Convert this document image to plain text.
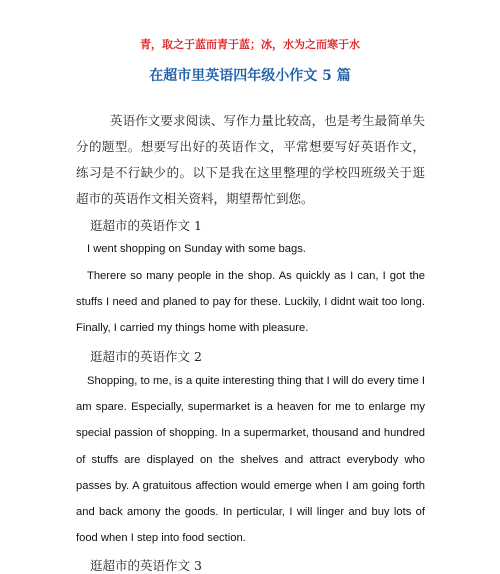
青，取之于蓝而青于蓝；冰，水为之而寒于水
在超市里英语四年级小作文 5 篇
英语作文要求阅读、写作力量比较高，也是考生最简单失分的题型。想要写出好的英语作文，平常想要写好英语作文，练习是不行缺少的。以下是我在这里整理的学校四班级关于逛超市的英语作文相关资料，期望帮忙到您。
逛超市的英语作文 1
I went shopping on Sunday with some bags.
Therere so many people in the shop. As quickly as I can, I got the stuffs I need and planed to pay for these. Luckily, I didnt wait too long. Finally, I carried my things home with pleasure.
逛超市的英语作文 2
Shopping, to me, is a quite interesting thing that I will do every time I am spare. Especially, supermarket is a heaven for me to enlarge my special passion of shopping. In a supermarket, thousand and hundred of stuffs are displayed on the shelves and attract everybody who passes by. A gratuitous affection would emerge when I am going forth and back amony the goods. In perticular, I will linger and buy lots of food when I step into food section.
逛超市的英语作文 3
